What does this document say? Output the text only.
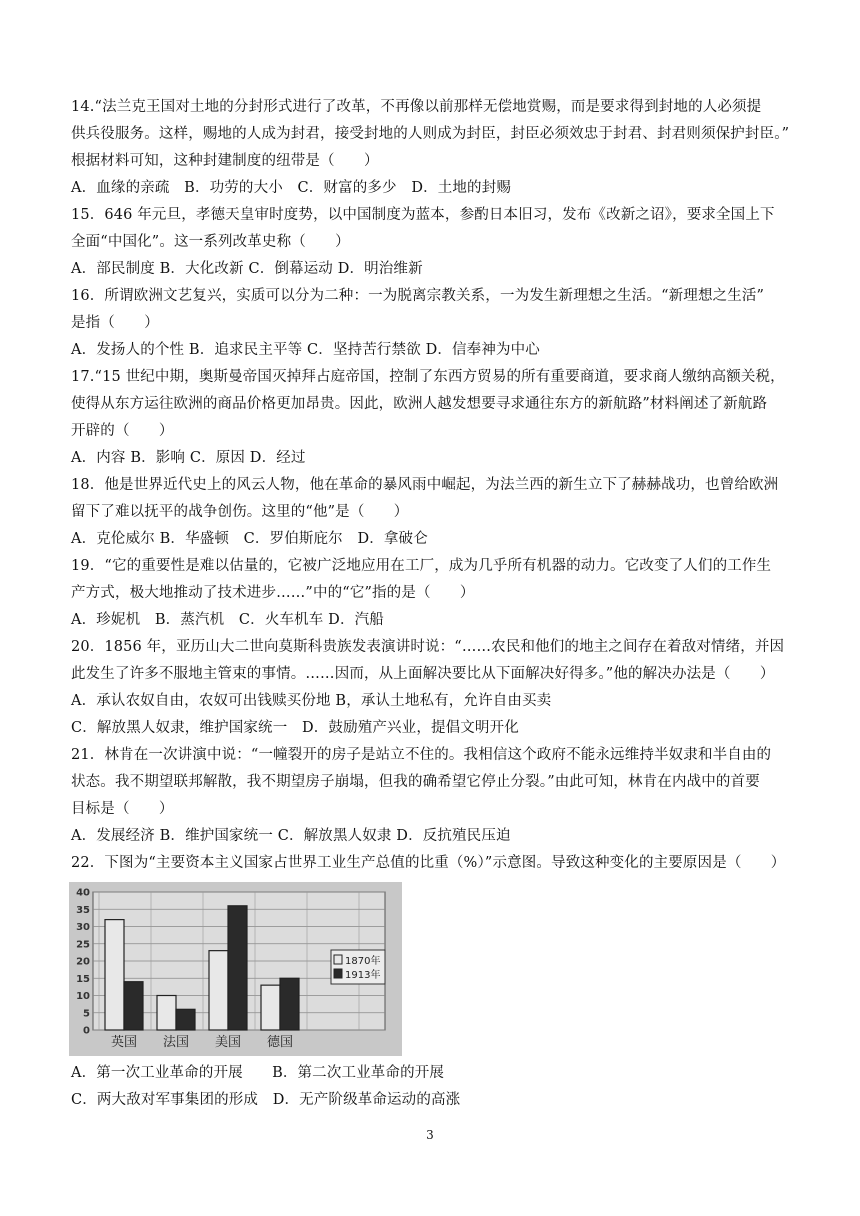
14.“法兰克王国对土地的分封形式进行了改革，不再像以前那样无偿地赏赐，而是要求得到封地的人必须提
供兵役服务。这样，赐地的人成为封君，接受封地的人则成为封臣，封臣必须效忠于封君、封君则须保护封臣。”
根据材料可知，这种封建制度的纽带是（　　）
A．血缘的亲疏　B．功劳的大小　C．财富的多少　D．土地的封赐
15．646 年元旦，孝德天皇审时度势，以中国制度为蓝本，参酌日本旧习，发布《改新之诏》，要求全国上下
全面“中国化”。这一系列改革史称（　　）
A．部民制度 B．大化改新 C．倒幕运动 D．明治维新
16．所谓欧洲文艺复兴，实质可以分为二种：一为脱离宗教关系，一为发生新理想之生活。“新理想之生活”
是指（　　）
A．发扬人的个性 B．追求民主平等 C．坚持苦行禁欲 D．信奉神为中心
17.“15 世纪中期，奥斯曼帝国灭掉拜占庭帝国，控制了东西方贸易的所有重要商道，要求商人缴纳高额关税，
使得从东方运往欧洲的商品价格更加昂贵。因此，欧洲人越发想要寻求通往东方的新航路”材料阐述了新航路
开辟的（　　）
A．内容 B．影响 C．原因 D．经过
18．他是世界近代史上的风云人物，他在革命的暴风雨中崛起，为法兰西的新生立下了赫赫战功，也曾给欧洲
留下了难以抚平的战争创伤。这里的“他”是（　　）
A．克伦威尔 B．华盛顿　C．罗伯斯庇尔　D．拿破仑
19．“它的重要性是难以估量的，它被广泛地应用在工厂，成为几乎所有机器的动力。它改变了人们的工作生
产方式，极大地推动了技术进步……”中的“它”指的是（　　）
A．珍妮机　B．蒸汽机　C．火车机车 D．汽船
20．1856 年，亚历山大二世向莫斯科贵族发表演讲时说：“……农民和他们的地主之间存在着敌对情绪，并因
此发生了许多不服地主管束的事情。……因而，从上面解决要比从下面解决好得多。”他的解决办法是（　　）
A．承认农奴自由，农奴可出钱赎买份地 B，承认土地私有，允许自由买卖
C．解放黑人奴隶，维护国家统一　D．鼓励殖产兴业，提倡文明开化
21．林肯在一次讲演中说：“一幢裂开的房子是站立不住的。我相信这个政府不能永远维持半奴隶和半自由的
状态。我不期望联邦解散，我不期望房子崩塌，但我的确希望它停止分裂。”由此可知，林肯在内战中的首要
目标是（　　）
A．发展经济 B．维护国家统一 C．解放黑人奴隶 D．反抗殖民压迫
22．下图为“主要资本主义国家占世界工业生产总值的比重（%）”示意图。导致这种变化的主要原因是（　　）
0
5
10
15
20
25
30
35
40
英国 法国 美国 德国
1870年
1913年
A．第一次工业革命的开展　　B．第二次工业革命的开展
C．两大敌对军事集团的形成　D．无产阶级革命运动的高涨
3
